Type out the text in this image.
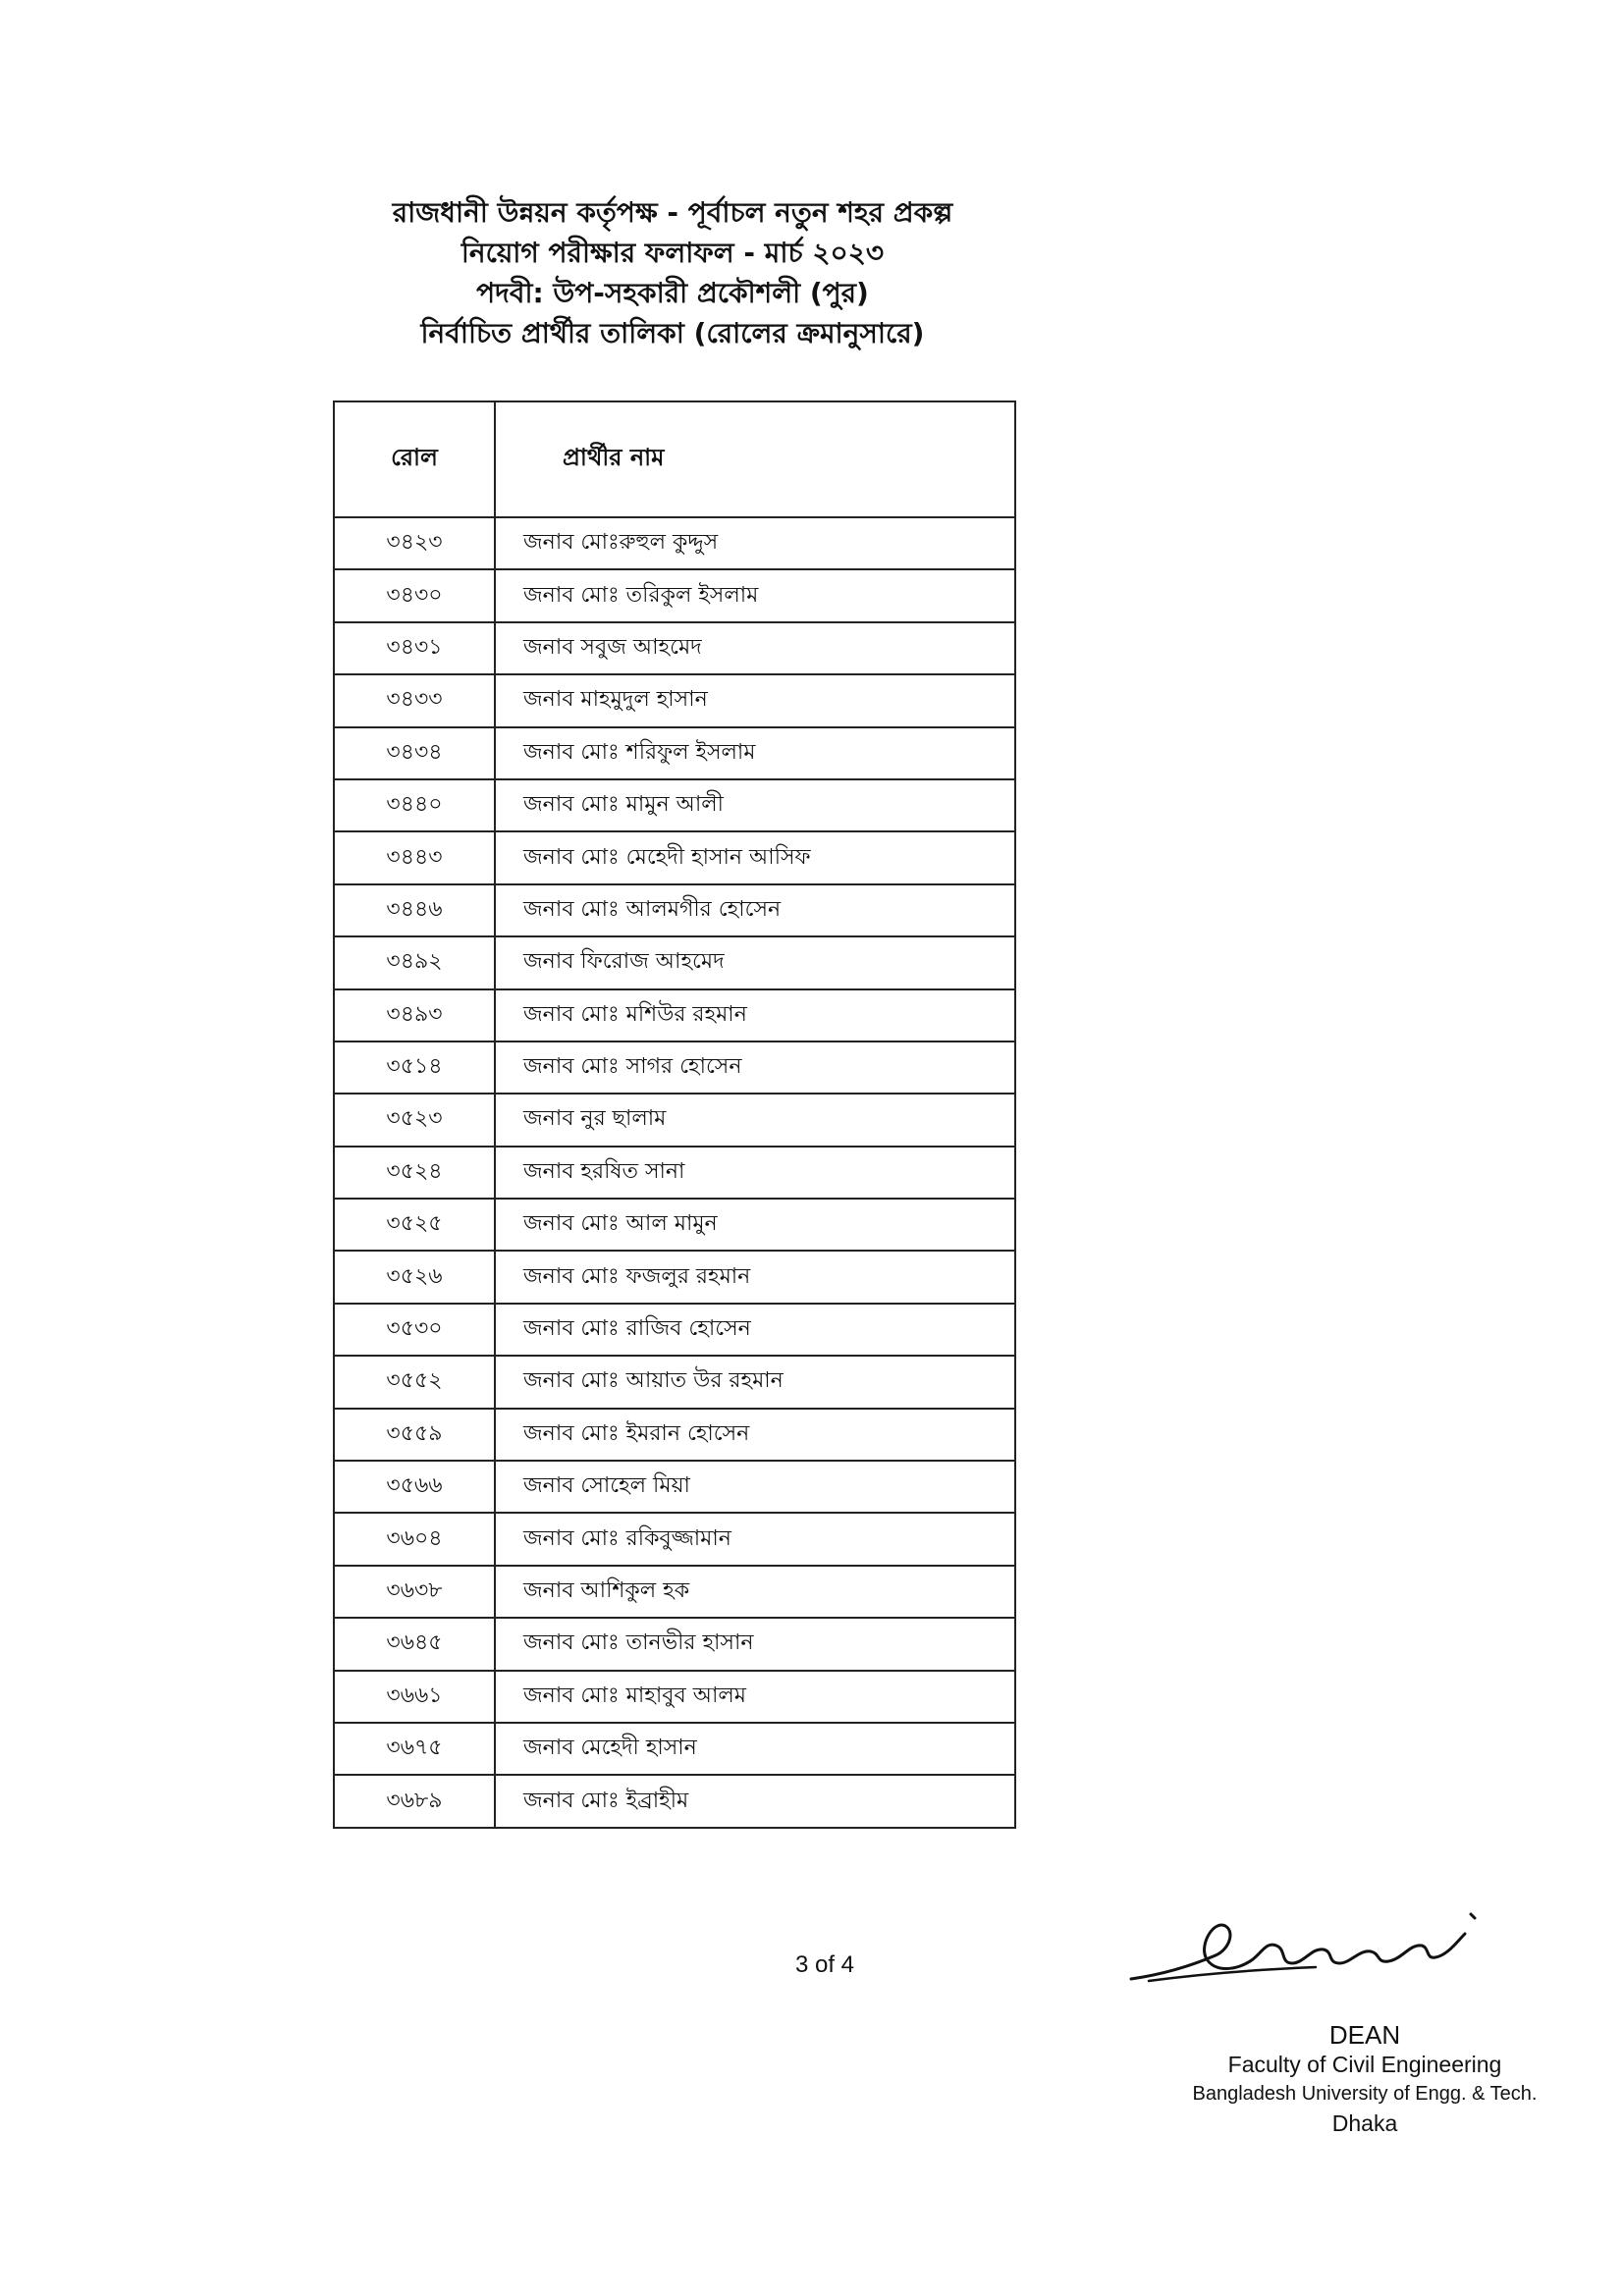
রাজধানী উন্নয়ন কর্তৃপক্ষ - পূর্বাচল নতুন শহর প্রকল্প
নিয়োগ পরীক্ষার ফলাফল - মার্চ ২০২৩
পদবী: উপ-সহকারী প্রকৌশলী (পুর)
নির্বাচিত প্রার্থীর তালিকা (রোলের ক্রমানুসারে)
রোল	প্রার্থীর নাম
৩৪২৩	জনাব মোঃরুহুল কুদ্দুস
৩৪৩০	জনাব মোঃ তরিকুল ইসলাম
৩৪৩১	জনাব সবুজ আহমেদ
৩৪৩৩	জনাব মাহমুদুল হাসান
৩৪৩৪	জনাব মোঃ শরিফুল ইসলাম
৩৪৪০	জনাব মোঃ মামুন আলী
৩৪৪৩	জনাব মোঃ মেহেদী হাসান আসিফ
৩৪৪৬	জনাব মোঃ আলমগীর হোসেন
৩৪৯২	জনাব ফিরোজ আহমেদ
৩৪৯৩	জনাব মোঃ মশিউর রহমান
৩৫১৪	জনাব মোঃ সাগর হোসেন
৩৫২৩	জনাব নুর ছালাম
৩৫২৪	জনাব হরষিত সানা
৩৫২৫	জনাব মোঃ আল মামুন
৩৫২৬	জনাব মোঃ ফজলুর রহমান
৩৫৩০	জনাব মোঃ রাজিব হোসেন
৩৫৫২	জনাব মোঃ আয়াত উর রহমান
৩৫৫৯	জনাব মোঃ ইমরান হোসেন
৩৫৬৬	জনাব সোহেল মিয়া
৩৬০৪	জনাব মোঃ রকিবুজ্জামান
৩৬৩৮	জনাব আশিকুল হক
৩৬৪৫	জনাব মোঃ তানভীর হাসান
৩৬৬১	জনাব মোঃ মাহাবুব আলম
৩৬৭৫	জনাব মেহেদী হাসান
৩৬৮৯	জনাব মোঃ ইব্রাহীম
3 of 4
DEAN
Faculty of Civil Engineering
Bangladesh University of Engg. & Tech.
Dhaka
